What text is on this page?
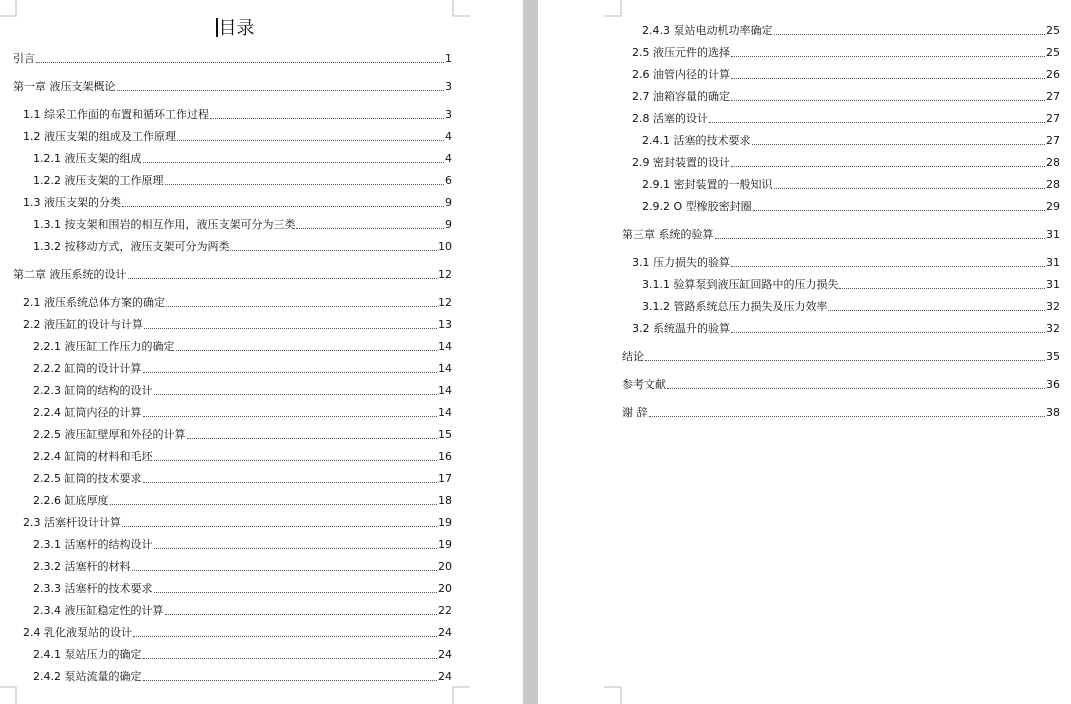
目录
引言	1
第一章 液压支架概论	3
1.1 综采工作面的布置和循环工作过程	3
1.2 液压支架的组成及工作原理	4
1.2.1 液压支架的组成	4
1.2.2 液压支架的工作原理	6
1.3 液压支架的分类	9
1.3.1 按支架和围岩的相互作用，液压支架可分为三类	9
1.3.2 按移动方式，液压支架可分为两类	10
第二章 液压系统的设计	12
2.1 液压系统总体方案的确定	12
2.2 液压缸的设计与计算	13
2.2.1 液压缸工作压力的确定	14
2.2.2 缸筒的设计计算	14
2.2.3 缸筒的结构的设计	14
2.2.4 缸筒内径的计算	14
2.2.5 液压缸壁厚和外径的计算	15
2.2.4 缸筒的材料和毛坯	16
2.2.5 缸筒的技术要求	17
2.2.6 缸底厚度	18
2.3 活塞杆设计计算	19
2.3.1 活塞杆的结构设计	19
2.3.2 活塞杆的材料	20
2.3.3 活塞杆的技术要求	20
2.3.4 液压缸稳定性的计算	22
2.4 乳化液泵站的设计	24
2.4.1 泵站压力的确定	24
2.4.2 泵站流量的确定	24
2.4.3 泵站电动机功率确定	25
2.5 液压元件的选择	25
2.6 油管内径的计算	26
2.7 油箱容量的确定	27
2.8 活塞的设计	27
2.4.1 活塞的技术要求	27
2.9 密封装置的设计	28
2.9.1 密封装置的一般知识	28
2.9.2 O 型橡胶密封圈	29
第三章 系统的验算	31
3.1 压力损失的验算	31
3.1.1 验算泵到液压缸回路中的压力损失	31
3.1.2 管路系统总压力损失及压力效率	32
3.2 系统温升的验算	32
结论	35
参考文献	36
谢 辞	38
